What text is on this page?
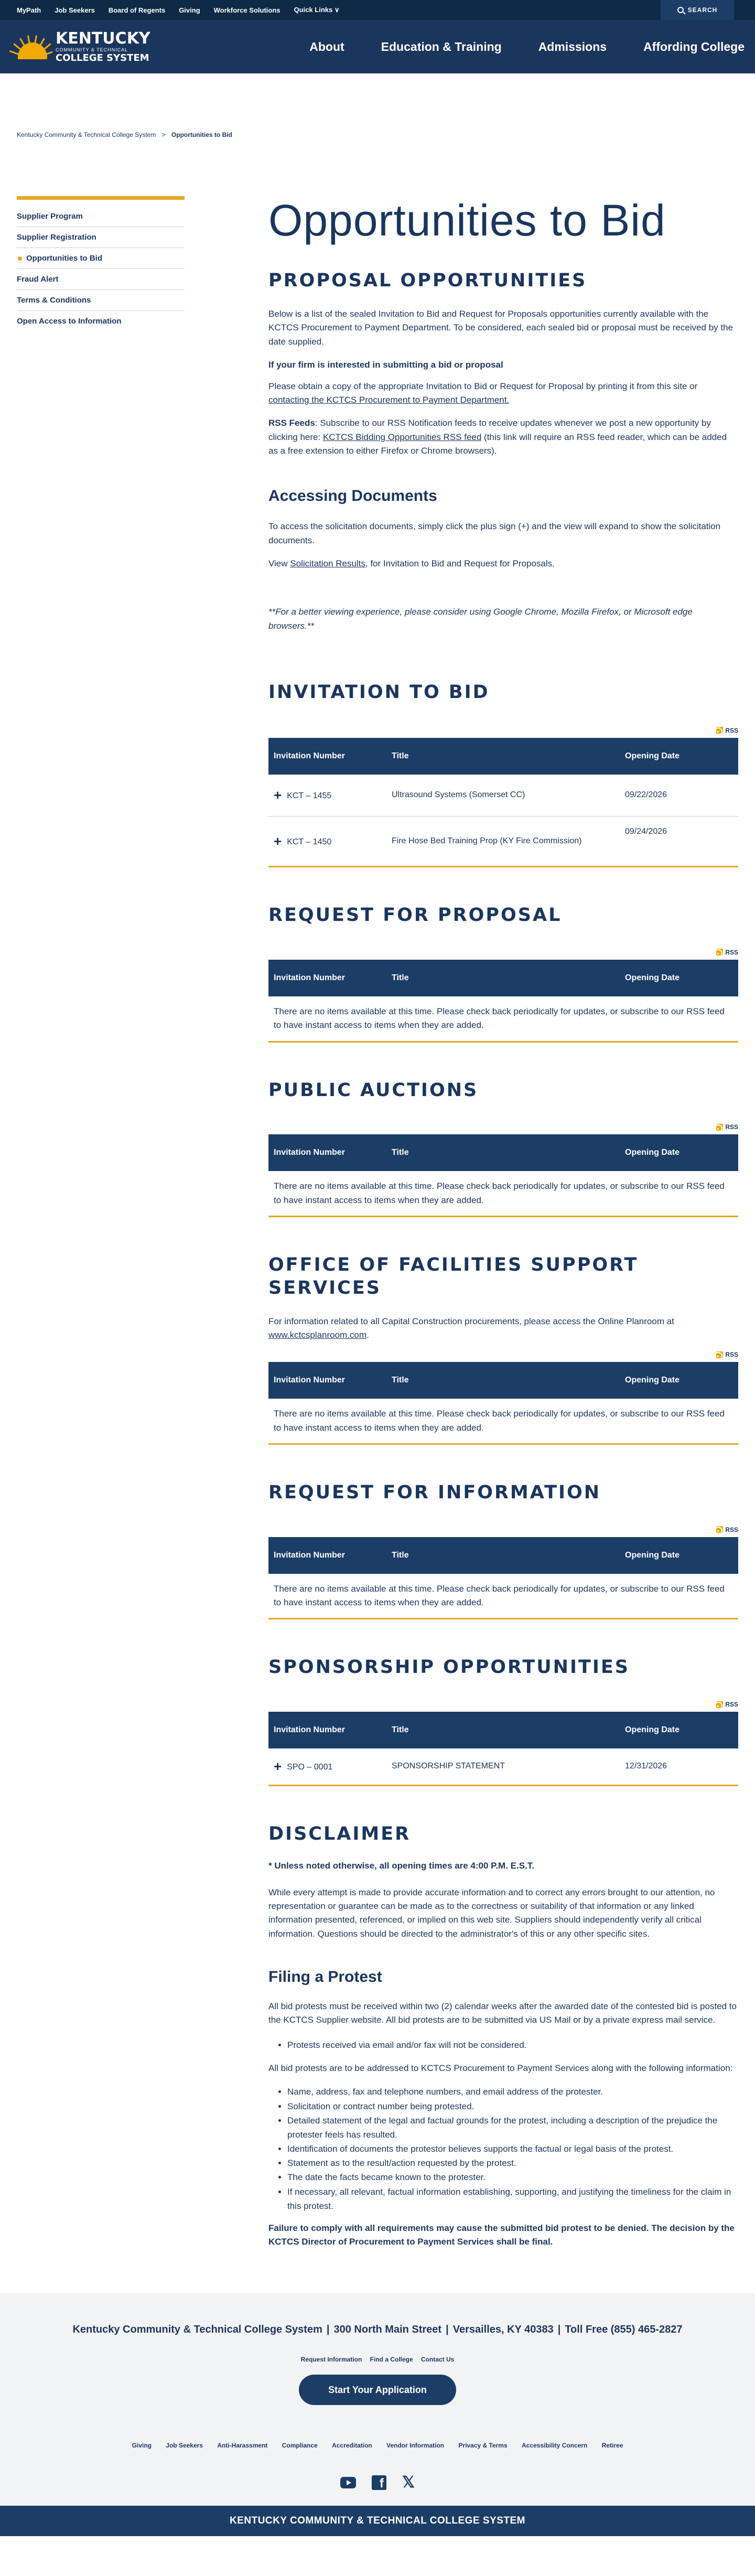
MyPath Job Seekers Board of Regents Giving Workforce Solutions Quick Links ∨	SEARCH
KENTUCKY
COMMUNITY & TECHNICAL
COLLEGE SYSTEM
About	Education & Training	Admissions	Affording College
Kentucky Community & Technical College System > Opportunities to Bid
Supplier Program
Supplier Registration
Opportunities to Bid
Fraud Alert
Terms & Conditions
Open Access to Information
Opportunities to Bid
PROPOSAL OPPORTUNITIES

Below is a list of the sealed Invitation to Bid and Request for Proposals opportunities currently available with the KCTCS Procurement to Payment Department. To be considered, each sealed bid or proposal must be received by the date supplied.

If your firm is interested in submitting a bid or proposal

Please obtain a copy of the appropriate Invitation to Bid or Request for Proposal by printing it from this site or contacting the KCTCS Procurement to Payment Department.

RSS Feeds: Subscribe to our RSS Notification feeds to receive updates whenever we post a new opportunity by clicking here: KCTCS Bidding Opportunities RSS feed (this link will require an RSS feed reader, which can be added as a free extension to either Firefox or Chrome browsers).

Accessing Documents

To access the solicitation documents, simply click the plus sign (+) and the view will expand to show the solicitation documents.

View Solicitation Results, for Invitation to Bid and Request for Proposals.

**For a better viewing experience, please consider using Google Chrome, Mozilla Firefox, or Microsoft edge browsers.**

INVITATION TO BID
RSS
Invitation Number	Title	Opening Date
+ KCT – 1455	Ultrasound Systems (Somerset CC)	09/22/2026
+ KCT – 1450	Fire Hose Bed Training Prop (KY Fire Commission)	09/24/2026
REQUEST FOR PROPOSAL
RSS
Invitation Number	Title	Opening Date
There are no items available at this time. Please check back periodically for updates, or subscribe to our RSS feed to have instant access to items when they are added.
PUBLIC AUCTIONS
RSS
Invitation Number	Title	Opening Date
There are no items available at this time. Please check back periodically for updates, or subscribe to our RSS feed to have instant access to items when they are added.
OFFICE OF FACILITIES SUPPORT SERVICES

For information related to all Capital Construction procurements, please access the Online Planroom at www.kctcsplanroom.com.

RSS
Invitation Number	Title	Opening Date
There are no items available at this time. Please check back periodically for updates, or subscribe to our RSS feed to have instant access to items when they are added.
REQUEST FOR INFORMATION
RSS
Invitation Number	Title	Opening Date
There are no items available at this time. Please check back periodically for updates, or subscribe to our RSS feed to have instant access to items when they are added.
SPONSORSHIP OPPORTUNITIES
RSS
Invitation Number	Title	Opening Date
+ SPO – 0001	SPONSORSHIP STATEMENT	12/31/2026
DISCLAIMER

* Unless noted otherwise, all opening times are 4:00 P.M. E.S.T.

While every attempt is made to provide accurate information and to correct any errors brought to our attention, no representation or guarantee can be made as to the correctness or suitability of that information or any linked information presented, referenced, or implied on this web site. Suppliers should independently verify all critical information. Questions should be directed to the administrator's of this or any other specific sites.

Filing a Protest

All bid protests must be received within two (2) calendar weeks after the awarded date of the contested bid is posted to the KCTCS Supplier website. All bid protests are to be submitted via US Mail or by a private express mail service.

• Protests received via email and/or fax will not be considered.

All bid protests are to be addressed to KCTCS Procurement to Payment Services along with the following information:

• Name, address, fax and telephone numbers, and email address of the protester.
• Solicitation or contract number being protested.
• Detailed statement of the legal and factual grounds for the protest, including a description of the prejudice the protester feels has resulted.
• Identification of documents the protestor believes supports the factual or legal basis of the protest.
• Statement as to the result/action requested by the protest.
• The date the facts became known to the protester.
• If necessary, all relevant, factual information establishing, supporting, and justifying the timeliness for the claim in this protest.

Failure to comply with all requirements may cause the submitted bid protest to be denied. The decision by the KCTCS Director of Procurement to Payment Services shall be final.

Kentucky Community & Technical College System | 300 North Main Street | Versailles, KY 40383 | Toll Free (855) 465-2827
Request Information Find a College Contact Us
Start Your Application
Giving Job Seekers Anti-Harassment Compliance Accreditation Vendor Information Privacy & Terms Accessibility Concern Retiree
f 𝕏
KENTUCKY COMMUNITY & TECHNICAL COLLEGE SYSTEM
